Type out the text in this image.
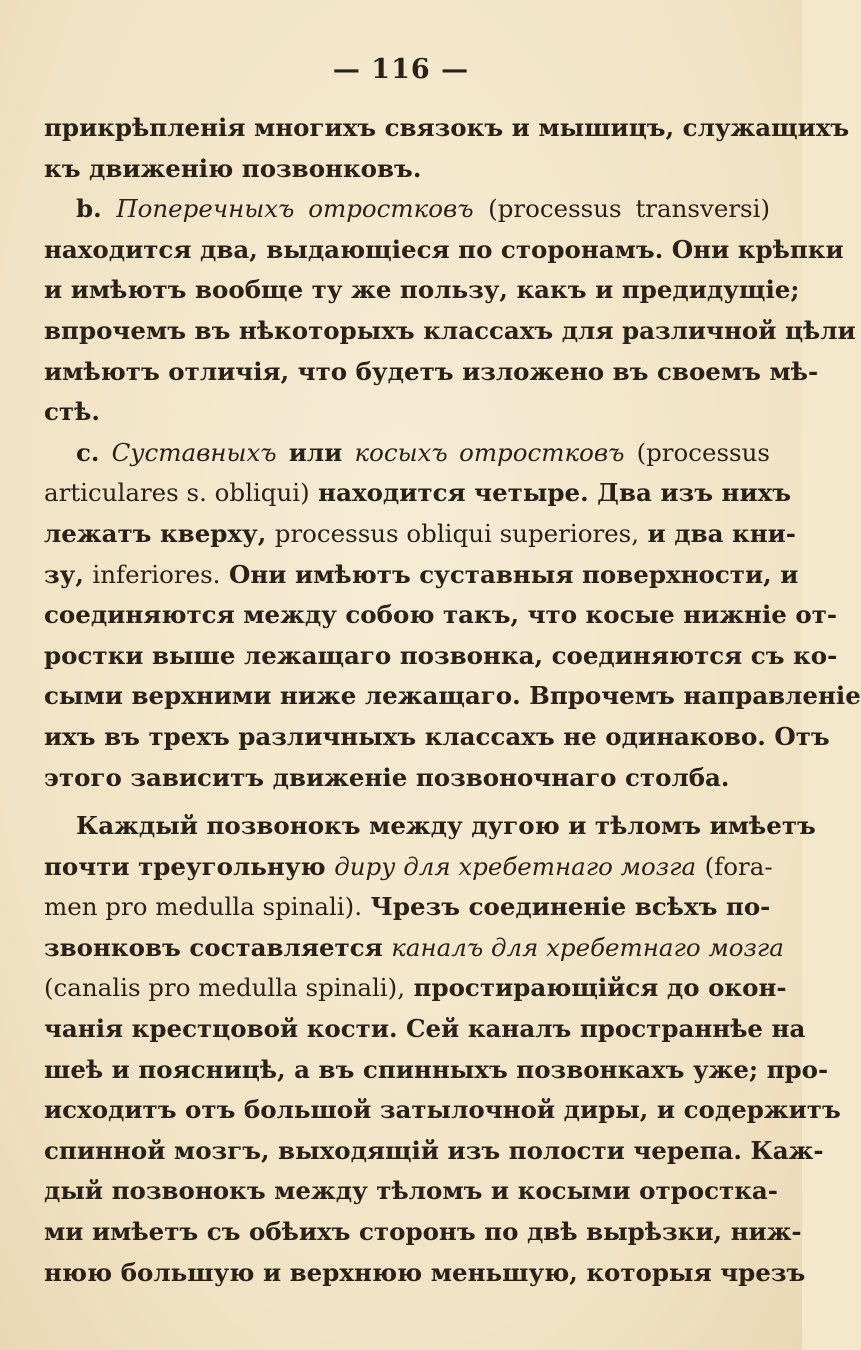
— 116 —
прикрѣпленія многихъ связокъ и мышицъ, служащихъ
къ движенію позвонковъ.
b. Поперечныхъ отростковъ (processus transversi)
находится два, выдающіеся по сторонамъ. Они крѣпки
и имѣютъ вообще ту же пользу, какъ и предидущіе;
впрочемъ въ нѣкоторыхъ классахъ для различной цѣли
имѣютъ отличія, что будетъ изложено въ своемъ мѣ-
стѣ.
c. Суставныхъ или косыхъ отростковъ (processus
articulares s. obliqui) находится четыре. Два изъ нихъ
лежатъ кверху, processus obliqui superiores, и два кни-
зу, inferiores. Они имѣютъ суставныя поверхности, и
соединяются между собою такъ, что косые нижніе от-
ростки выше лежащаго позвонка, соединяются съ ко-
сыми верхними ниже лежащаго. Впрочемъ направленіе
ихъ въ трехъ различныхъ классахъ не одинаково. Отъ
этого зависитъ движеніе позвоночнаго столба.
Каждый позвонокъ между дугою и тѣломъ имѣетъ
почти треугольную диру для хребетнаго мозга (fora-
men pro medulla spinali). Чрезъ соединеніе всѣхъ по-
звонковъ составляется каналъ для хребетнаго мозга
(canalis pro medulla spinali), простирающійся до окон-
чанія крестцовой кости. Сей каналъ пространнѣе на
шеѣ и поясницѣ, а въ спинныхъ позвонкахъ уже; про-
исходитъ отъ большой затылочной диры, и содержитъ
спинной мозгъ, выходящій изъ полости черепа. Каж-
дый позвонокъ между тѣломъ и косыми отростка-
ми имѣетъ съ обѣихъ сторонъ по двѣ вырѣзки, ниж-
нюю большую и верхнюю меньшую, которыя чрезъ
